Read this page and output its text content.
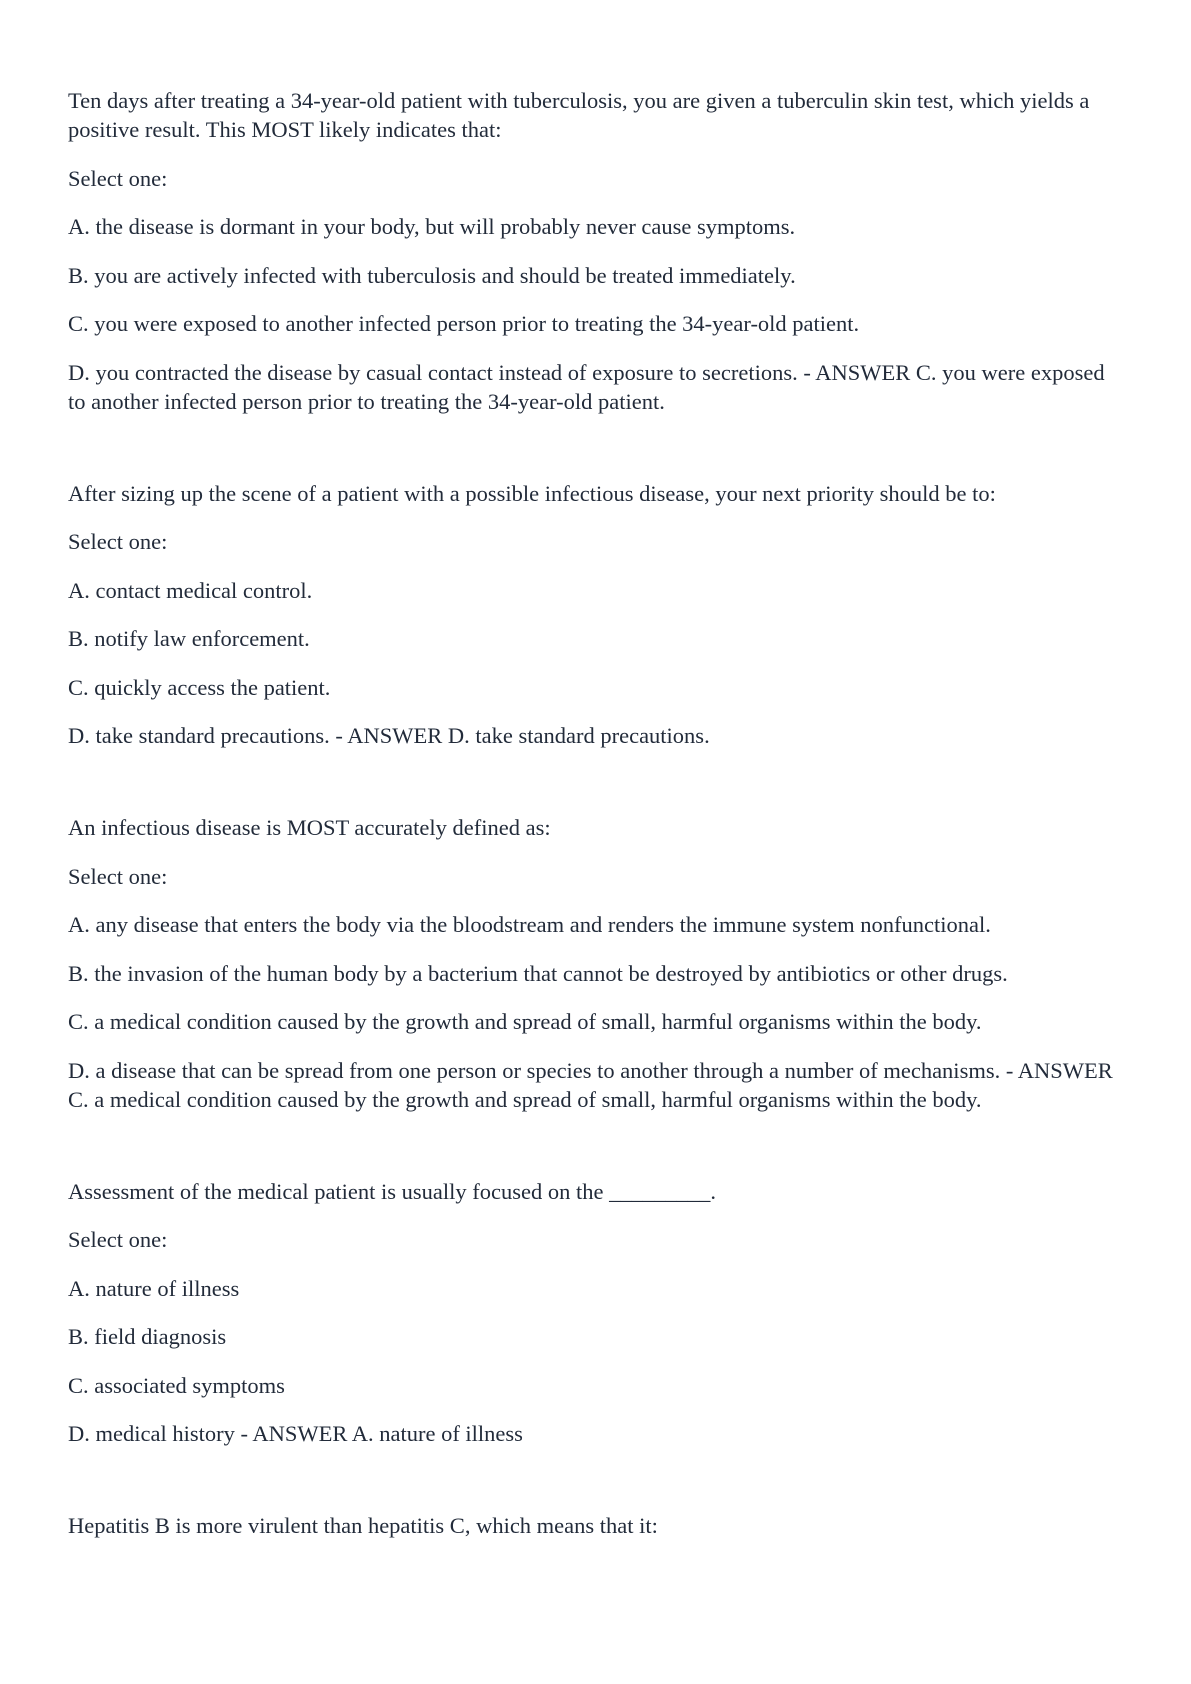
Ten days after treating a 34-year-old patient with tuberculosis, you are given a tuberculin skin test, which yields a positive result. This MOST likely indicates that:

Select one:

A. the disease is dormant in your body, but will probably never cause symptoms.

B. you are actively infected with tuberculosis and should be treated immediately.

C. you were exposed to another infected person prior to treating the 34-year-old patient.

D. you contracted the disease by casual contact instead of exposure to secretions. - ANSWER C. you were exposed to another infected person prior to treating the 34-year-old patient.

After sizing up the scene of a patient with a possible infectious disease, your next priority should be to:

Select one:

A. contact medical control.

B. notify law enforcement.

C. quickly access the patient.

D. take standard precautions. - ANSWER D. take standard precautions.

An infectious disease is MOST accurately defined as:

Select one:

A. any disease that enters the body via the bloodstream and renders the immune system nonfunctional.

B. the invasion of the human body by a bacterium that cannot be destroyed by antibiotics or other drugs.

C. a medical condition caused by the growth and spread of small, harmful organisms within the body.

D. a disease that can be spread from one person or species to another through a number of mechanisms. - ANSWER C. a medical condition caused by the growth and spread of small, harmful organisms within the body.

Assessment of the medical patient is usually focused on the _________.

Select one:

A. nature of illness

B. field diagnosis

C. associated symptoms

D. medical history - ANSWER A. nature of illness

Hepatitis B is more virulent than hepatitis C, which means that it:
